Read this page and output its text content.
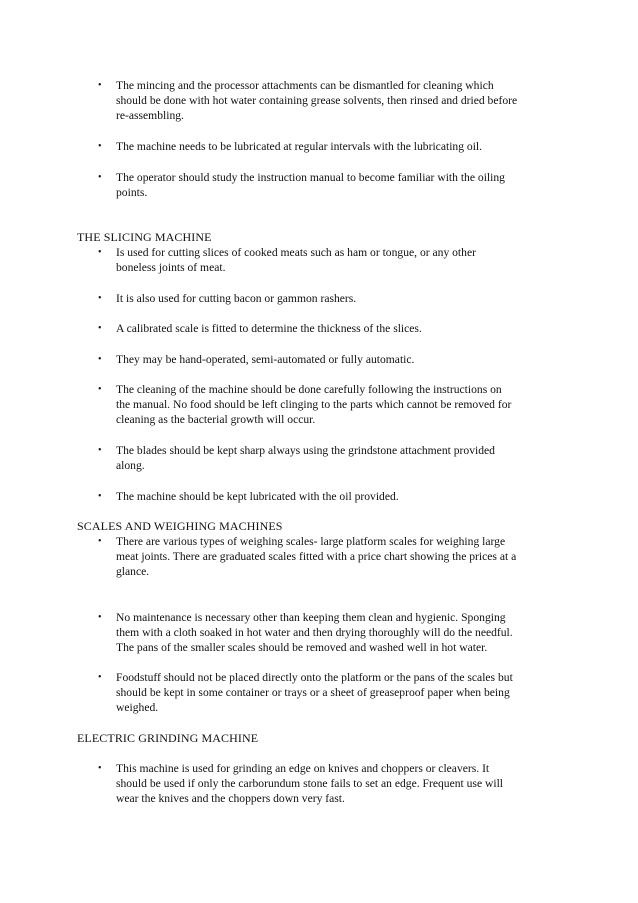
• The mincing and the processor attachments can be dismantled for cleaning which
should be done with hot water containing grease solvents, then rinsed and dried before
re-assembling.
• The machine needs to be lubricated at regular intervals with the lubricating oil.
• The operator should study the instruction manual to become familiar with the oiling
points.
THE SLICING MACHINE
• Is used for cutting slices of cooked meats such as ham or tongue, or any other
boneless joints of meat.
• It is also used for cutting bacon or gammon rashers.
• A calibrated scale is fitted to determine the thickness of the slices.
• They may be hand-operated, semi-automated or fully automatic.
• The cleaning of the machine should be done carefully following the instructions on
the manual. No food should be left clinging to the parts which cannot be removed for
cleaning as the bacterial growth will occur.
• The blades should be kept sharp always using the grindstone attachment provided
along.
• The machine should be kept lubricated with the oil provided.
SCALES AND WEIGHING MACHINES
• There are various types of weighing scales- large platform scales for weighing large
meat joints. There are graduated scales fitted with a price chart showing the prices at a
glance.
• No maintenance is necessary other than keeping them clean and hygienic. Sponging
them with a cloth soaked in hot water and then drying thoroughly will do the needful.
The pans of the smaller scales should be removed and washed well in hot water.
• Foodstuff should not be placed directly onto the platform or the pans of the scales but
should be kept in some container or trays or a sheet of greaseproof paper when being
weighed.
ELECTRIC GRINDING MACHINE
• This machine is used for grinding an edge on knives and choppers or cleavers. It
should be used if only the carborundum stone fails to set an edge. Frequent use will
wear the knives and the choppers down very fast.
